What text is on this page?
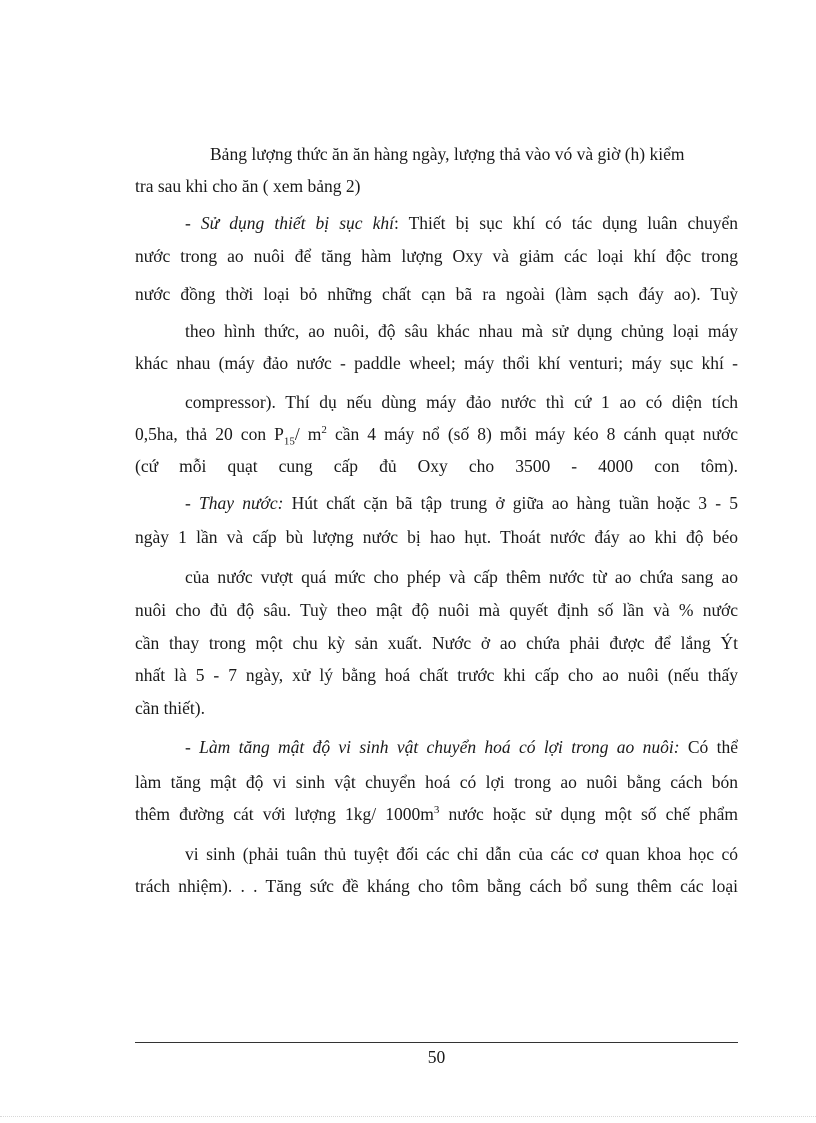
Bảng lượng thức ăn ăn hàng ngày, lượng thả vào vó và giờ (h) kiểm
tra sau khi cho ăn ( xem bảng 2)
- Sử dụng thiết bị sục khí: Thiết bị sục khí có tác dụng luân chuyển
nước trong ao nuôi để tăng hàm lượng Oxy và giảm các loại khí độc trong
nước đồng thời loại bỏ những chất cạn bã ra ngoài (làm sạch đáy ao). Tuỳ
theo hình thức, ao nuôi, độ sâu khác nhau mà sử dụng chủng loại máy
khác nhau (máy đảo nước - paddle wheel; máy thổi khí venturi; máy sục khí -
compressor). Thí dụ nếu dùng máy đảo nước thì cứ 1 ao có diện tích
0,5ha, thả 20 con $P_{15}/$ $m^2$ cần 4 máy nổ (số 8) mỗi máy kéo 8 cánh quạt nước
(cứ mỗi quạt cung cấp đủ Oxy cho 3500 - 4000 con tôm).
- Thay nước: Hút chất cặn bã tập trung ở giữa ao hàng tuần hoặc 3 - 5
ngày 1 lần và cấp bù lượng nước bị hao hụt. Thoát nước đáy ao khi độ béo
của nước vượt quá mức cho phép và cấp thêm nước từ ao chứa sang ao
nuôi cho đủ độ sâu. Tuỳ theo mật độ nuôi mà quyết định số lần và % nước
cần thay trong một chu kỳ sản xuất. Nước ở ao chứa phải được để lắng Ýt
nhất là 5 - 7 ngày, xử lý bằng hoá chất trước khi cấp cho ao nuôi (nếu thấy
cần thiết).
- Làm tăng mật độ vi sinh vật chuyển hoá có lợi trong ao nuôi: Có thể
làm tăng mật độ vi sinh vật chuyển hoá có lợi trong ao nuôi bằng cách bón
thêm đường cát với lượng 1kg/ $1000m^3$ nước hoặc sử dụng một số chế phẩm
vi sinh (phải tuân thủ tuyệt đối các chỉ dẫn của các cơ quan khoa học có
trách nhiệm). . . Tăng sức đề kháng cho tôm bằng cách bổ sung thêm các loại
50
